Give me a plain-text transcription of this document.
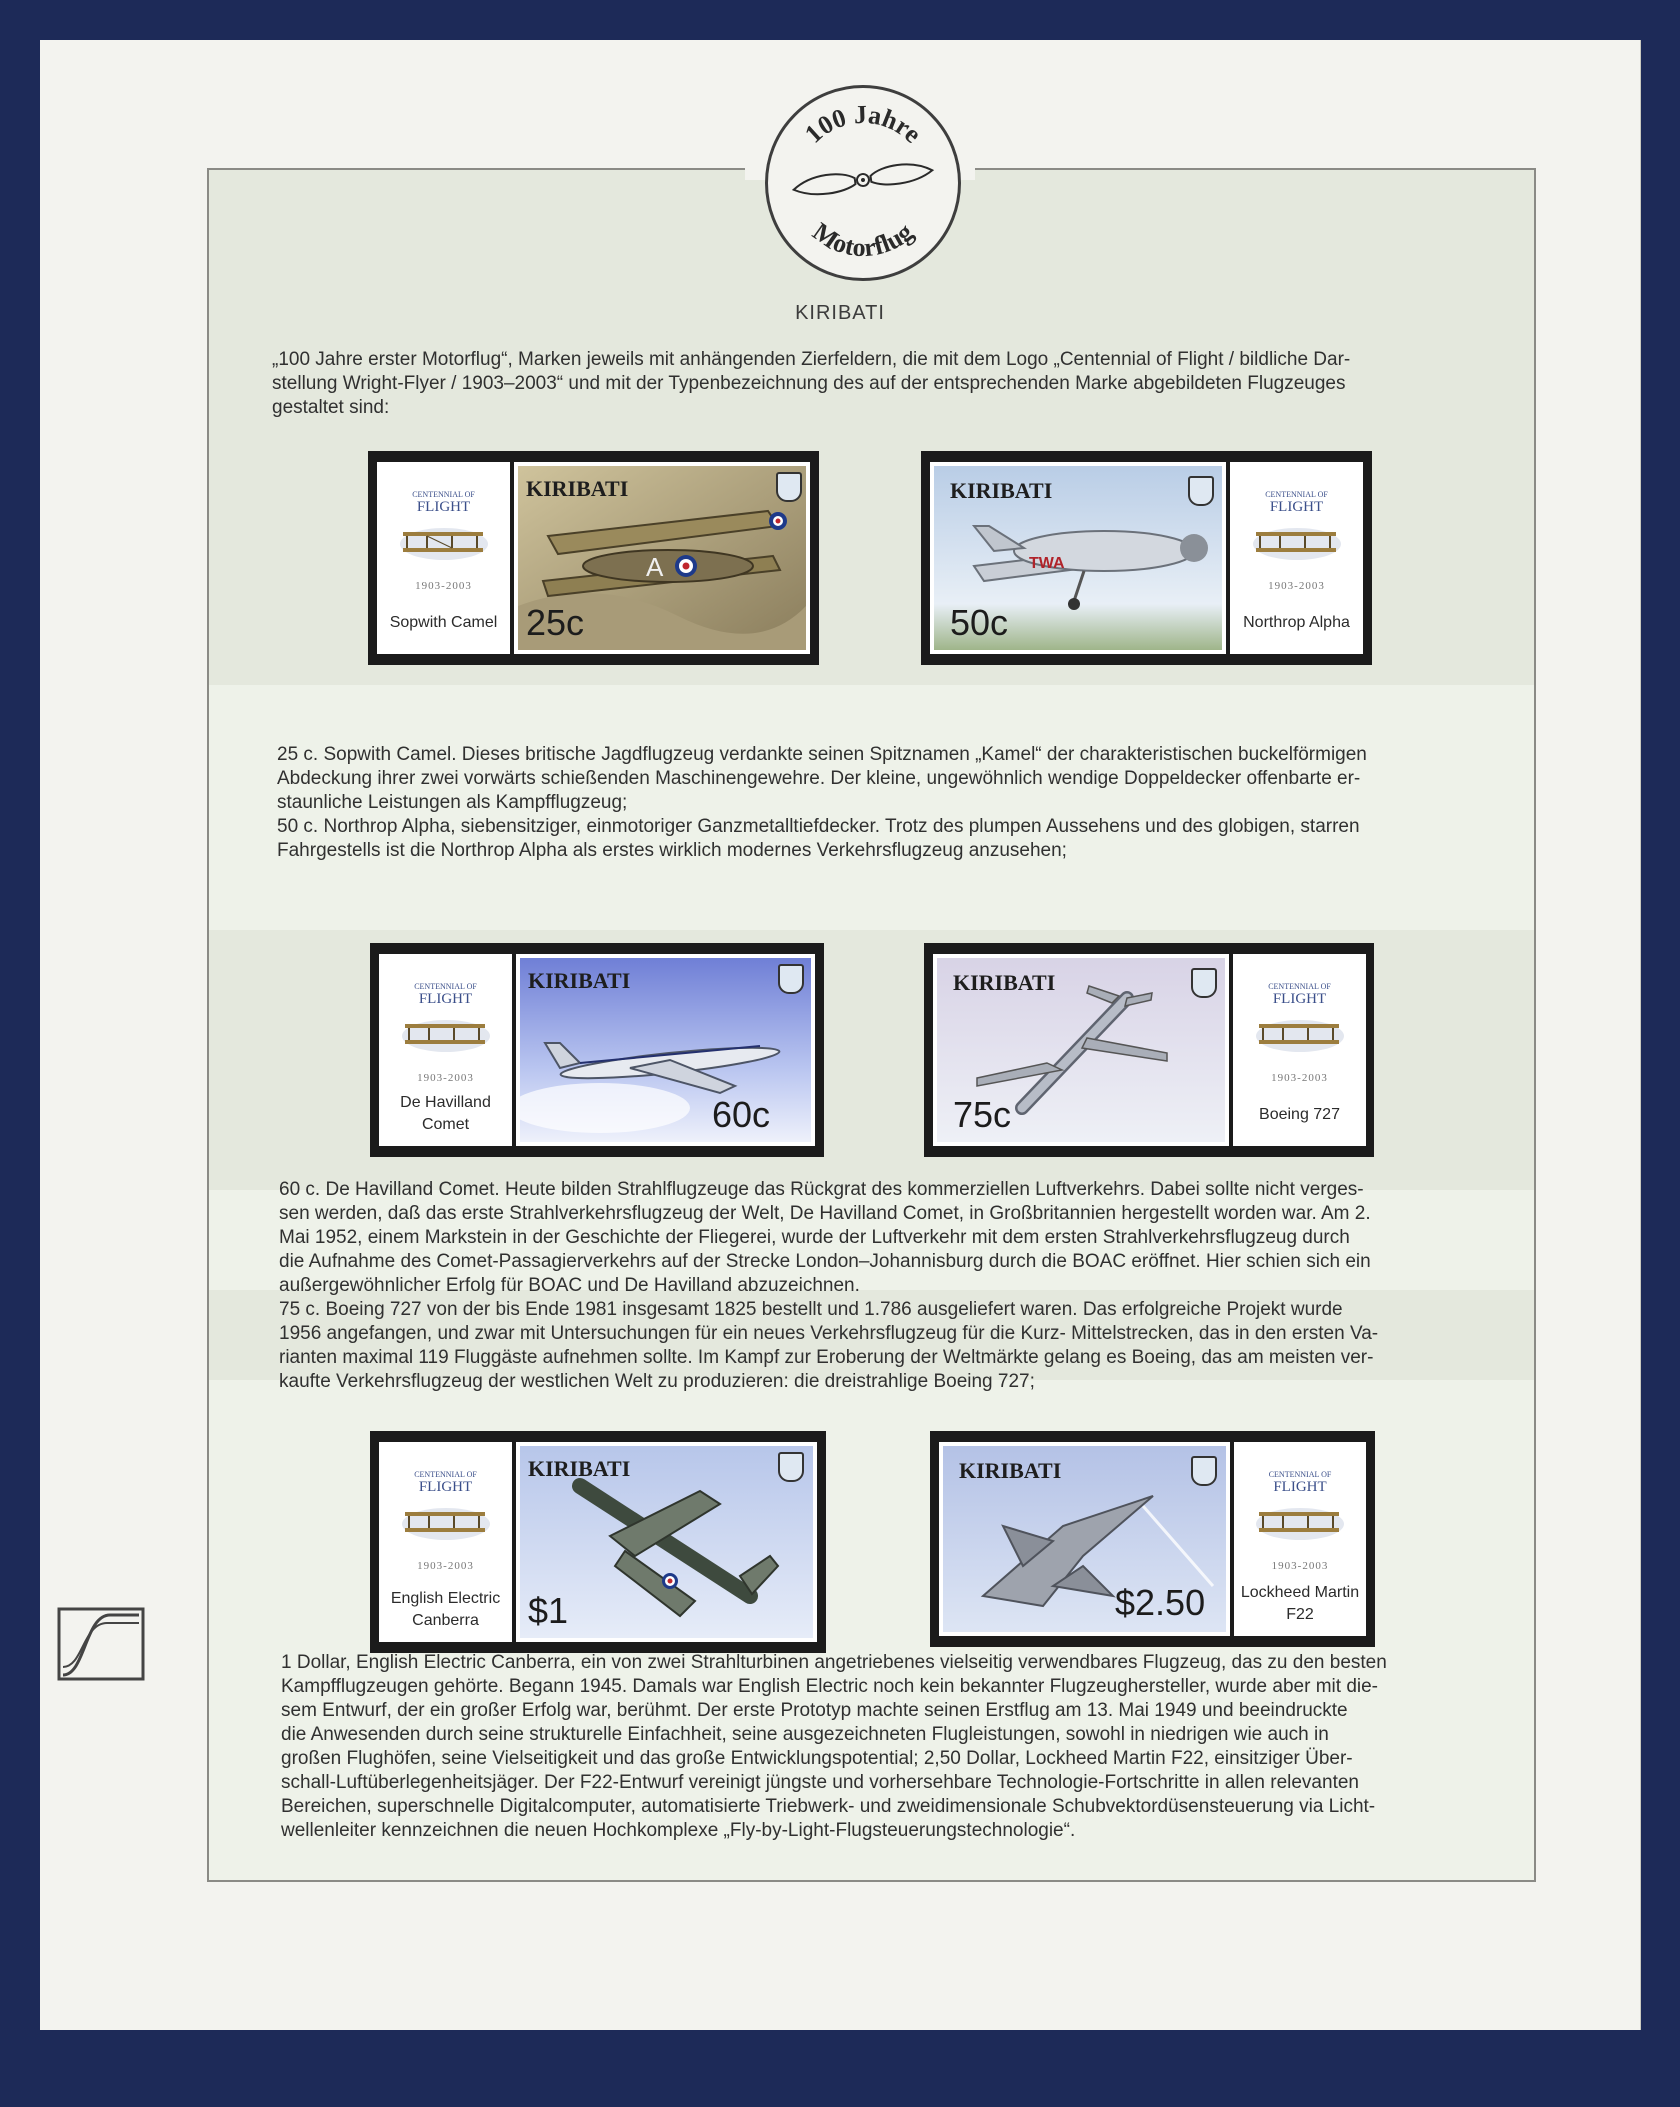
100 Jahre
Motorflug
KIRIBATI

„100 Jahre erster Motorflug“, Marken jeweils mit anhängenden Zierfeldern, die mit dem Logo „Centennial of Flight / bildliche Dar-
stellung Wright-Flyer / 1903–2003“ und mit der Typenbezeichnung des auf der entsprechenden Marke abgebildeten Flugzeuges
gestaltet sind:

CENTENNIAL OF
FLIGHT
1903-2003
Sopwith Camel
A
KIRIBATI
25c
TWA
KIRIBATI
50c
CENTENNIAL OF
FLIGHT
1903-2003
Northrop Alpha

25 c. Sopwith Camel. Dieses britische Jagdflugzeug verdankte seinen Spitznamen „Kamel“ der charakteristischen buckelförmigen
Abdeckung ihrer zwei vorwärts schießenden Maschinengewehre. Der kleine, ungewöhnlich wendige Doppeldecker offenbarte er-
staunliche Leistungen als Kampfflugzeug;
50 c. Northrop Alpha, siebensitziger, einmotoriger Ganzmetalltiefdecker. Trotz des plumpen Aussehens und des globigen, starren
Fahrgestells ist die Northrop Alpha als erstes wirklich modernes Verkehrsflugzeug anzusehen;

CENTENNIAL OF
FLIGHT
1903-2003
De Havilland Comet
KIRIBATI
60c
KIRIBATI
75c
CENTENNIAL OF
FLIGHT
1903-2003
Boeing 727

60 c. De Havilland Comet. Heute bilden Strahlflugzeuge das Rückgrat des kommerziellen Luftverkehrs. Dabei sollte nicht verges-
sen werden, daß das erste Strahlverkehrsflugzeug der Welt, De Havilland Comet, in Großbritannien hergestellt worden war. Am 2.
Mai 1952, einem Markstein in der Geschichte der Fliegerei, wurde der Luftverkehr mit dem ersten Strahlverkehrsflugzeug durch
die Aufnahme des Comet-Passagierverkehrs auf der Strecke London–Johannisburg durch die BOAC eröffnet. Hier schien sich ein
außergewöhnlicher Erfolg für BOAC und De Havilland abzuzeichnen.
75 c. Boeing 727 von der bis Ende 1981 insgesamt 1825 bestellt und 1.786 ausgeliefert waren. Das erfolgreiche Projekt wurde
1956 angefangen, und zwar mit Untersuchungen für ein neues Verkehrsflugzeug für die Kurz- Mittelstrecken, das in den ersten Va-
rianten maximal 119 Fluggäste aufnehmen sollte. Im Kampf zur Eroberung der Weltmärkte gelang es Boeing, das am meisten ver-
kaufte Verkehrsflugzeug der westlichen Welt zu produzieren: die dreistrahlige Boeing 727;

CENTENNIAL OF
FLIGHT
1903-2003
English Electric Canberra
KIRIBATI
$1
KIRIBATI
$2.50
CENTENNIAL OF
FLIGHT
1903-2003
Lockheed Martin F22

1 Dollar, English Electric Canberra, ein von zwei Strahlturbinen angetriebenes vielseitig verwendbares Flugzeug, das zu den besten
Kampfflugzeugen gehörte. Begann 1945. Damals war English Electric noch kein bekannter Flugzeughersteller, wurde aber mit die-
sem Entwurf, der ein großer Erfolg war, berühmt. Der erste Prototyp machte seinen Erstflug am 13. Mai 1949 und beeindruckte
die Anwesenden durch seine strukturelle Einfachheit, seine ausgezeichneten Flugleistungen, sowohl in niedrigen wie auch in
großen Flughöfen, seine Vielseitigkeit und das große Entwicklungspotential; 2,50 Dollar, Lockheed Martin F22, einsitziger Über-
schall-Luftüberlegenheitsjäger. Der F22-Entwurf vereinigt jüngste und vorhersehbare Technologie-Fortschritte in allen relevanten
Bereichen, superschnelle Digitalcomputer, automatisierte Triebwerk- und zweidimensionale Schubvektordüsensteuerung via Licht-
wellenleiter kennzeichnen die neuen Hochkomplexe „Fly-by-Light-Flugsteuerungstechnologie“.
